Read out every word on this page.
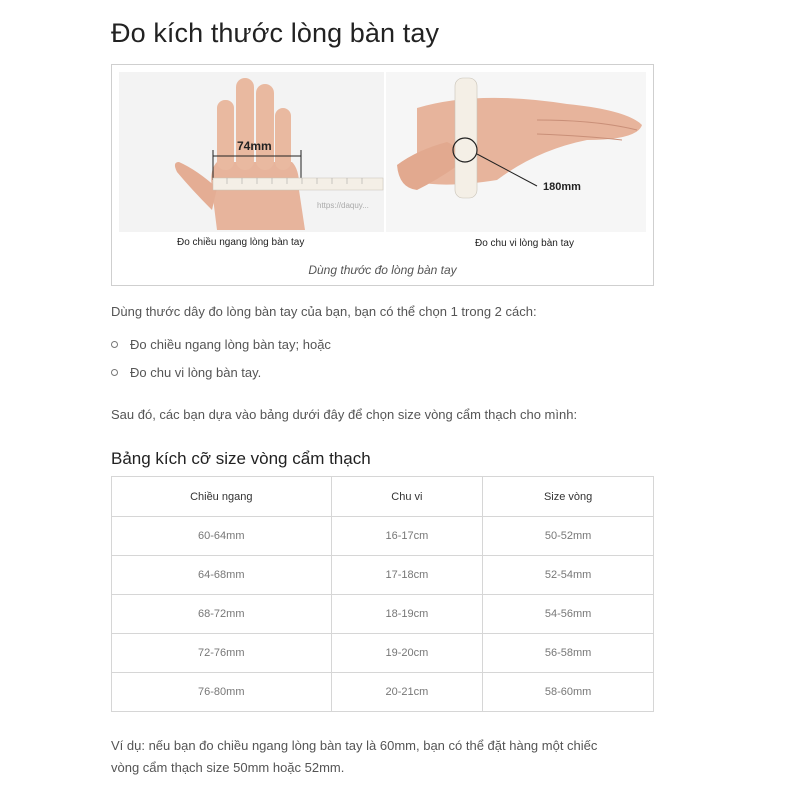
Đo kích thước lòng bàn tay
74mm
https://daquy...
Đo chiều ngang lòng bàn tay
180mm
Đo chu vi lòng bàn tay
Dùng thước đo lòng bàn tay

Dùng thước dây đo lòng bàn tay của bạn, bạn có thể chọn 1 trong 2 cách:

Đo chiều ngang lòng bàn tay; hoặc
Đo chu vi lòng bàn tay.

Sau đó, các bạn dựa vào bảng dưới đây để chọn size vòng cẩm thạch cho mình:

Bảng kích cỡ size vòng cẩm thạch
Chiều ngang	Chu vi	Size vòng
60-64mm	16-17cm	50-52mm
64-68mm	17-18cm	52-54mm
68-72mm	18-19cm	54-56mm
72-76mm	19-20cm	56-58mm
76-80mm	20-21cm	58-60mm

Ví dụ: nếu bạn đo chiều ngang lòng bàn tay là 60mm, bạn có thể đặt hàng một chiếc

vòng cẩm thạch size 50mm hoặc 52mm.
